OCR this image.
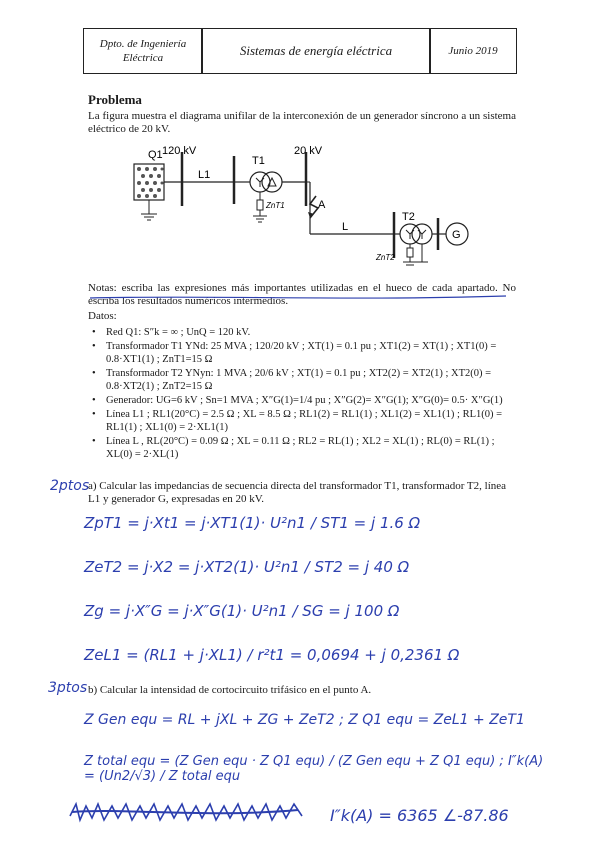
Dpto. de Ingeniería Eléctrica	Sistemas de energía eléctrica	Junio 2019
Problema
La figura muestra el diagrama unifilar de la interconexión de un generador síncrono a un sistema eléctrico de 20 kV.
Q1 120 kV
L1
T1
ZnT1
20 kV
A
L
T2
ZnT2
G
Notas: escriba las expresiones más importantes utilizadas en el hueco de cada apartado. No escriba los resultados numéricos intermedios.
Datos:
• Red Q1: S″k = ∞ ; UnQ = 120 kV.
• Transformador T1 YNd: 25 MVA ; 120/20 kV ; XT(1) = 0.1 pu ; XT1(2) = XT(1) ; XT1(0) = 0.8·XT1(1) ; ZnT1=15 Ω
• Transformador T2 YNyn: 1 MVA ; 20/6 kV ; XT(1) = 0.1 pu ; XT2(2) = XT2(1) ; XT2(0) = 0.8·XT2(1) ; ZnT2=15 Ω
• Generador: UG=6 kV ; Sn=1 MVA ; X″G(1)=1/4 pu ; X″G(2)= X″G(1); X″G(0)= 0.5· X″G(1)
• Línea L1 ; RL1(20°C) = 2.5 Ω ; XL = 8.5 Ω ; RL1(2) = RL1(1) ; XL1(2) = XL1(1) ; RL1(0) = RL1(1) ; XL1(0) = 2·XL1(1)
• Línea L , RL(20°C) = 0.09 Ω ; XL = 0.11 Ω ; RL2 = RL(1) ; XL2 = XL(1) ; RL(0) = RL(1) ; XL(0) = 2·XL(1)
2ptos
a) Calcular las impedancias de secuencia directa del transformador T1, transformador T2, línea L1 y generador G, expresadas en 20 kV.
ZpT1 = j·Xt1 = j·XT1(1)· U²n1 / ST1 = j 1.6 Ω
ZeT2 = j·X2 = j·XT2(1)· U²n1 / ST2 = j 40 Ω
Zg = j·X″G = j·X″G(1)· U²n1 / SG = j 100 Ω
ZeL1 = (RL1 + j·XL1) / r²t1 = 0,0694 + j 0,2361 Ω
3ptos b) Calcular la intensidad de cortocircuito trifásico en el punto A.
Z Gen equ = RL + jXL + ZG + ZeT2 ; Z Q1 equ = ZeL1 + ZeT1
Z total equ = (Z Gen equ · Z Q1 equ) / (Z Gen equ + Z Q1 equ) ; I″k(A) = (Un2/√3) / Z total equ
I″k(A) = 6365 ∠-87.86
